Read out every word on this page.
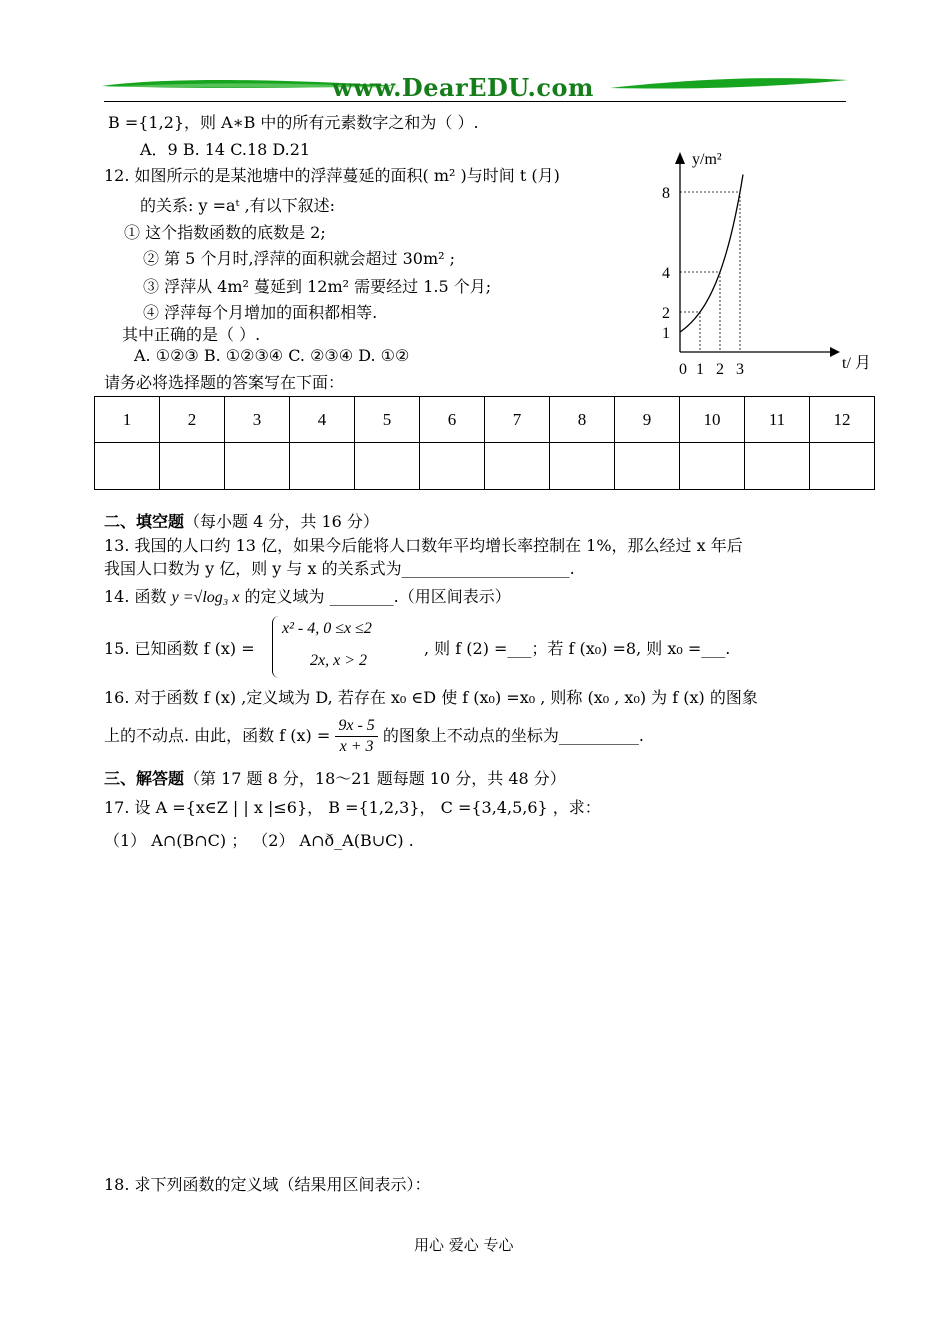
www.DearEDU.com
B ={1,2}，则 A∗B 中的所有元素数字之和为（ ）.
A．9 B. 14 C.18 D.21
12. 如图所示的是某池塘中的浮萍蔓延的面积( m² )与时间 t (月)
的关系: y =aᵗ ,有以下叙述:
① 这个指数函数的底数是 2;
② 第 5 个月时,浮萍的面积就会超过 30m² ;
③ 浮萍从 4m² 蔓延到 12m² 需要经过 1.5 个月;
④ 浮萍每个月增加的面积都相等.
其中正确的是（ ）.
A. ①②③ B. ①②③④ C. ②③④ D. ①②
0 1 2 3
1
2
4
8
y/m²
t/ 月
请务必将选择题的答案写在下面：
1	2	3	4	5	6	7	8	9	10	11	12

二、填空题（每小题 4 分，共 16 分）
13. 我国的人口约 13 亿，如果今后能将人口数年平均增长率控制在 1%，那么经过 x 年后
我国人口数为 y 亿，则 y 与 x 的关系式为_____________________.
14. 函数 y =√log₃ x 的定义域为 ________.（用区间表示）
15. 已知函数 f (x) =
x² - 4, 0 ≤x ≤2
2x, x > 2
, 则 f (2) =___；若 f (x₀) =8, 则 x₀ =___.
16. 对于函数 f (x) ,定义域为 D, 若存在 x₀ ∈D 使 f (x₀) =x₀ , 则称 (x₀ , x₀) 为 f (x) 的图象
上的不动点. 由此，函数 f $(x) = \frac{9x - 5}{x + 3}$ 的图象上不动点的坐标为__________.
三、解答题（第 17 题 8 分，18～21 题每题 10 分，共 48 分）
17. 设 A ={x∈Z | | x |≤6}， B ={1,2,3}， C ={3,4,5,6} ，求：
（1） A∩(B∩C) ； （2） A∩ð_A(B∪C) .
18. 求下列函数的定义域（结果用区间表示）：
用心 爱心 专心
